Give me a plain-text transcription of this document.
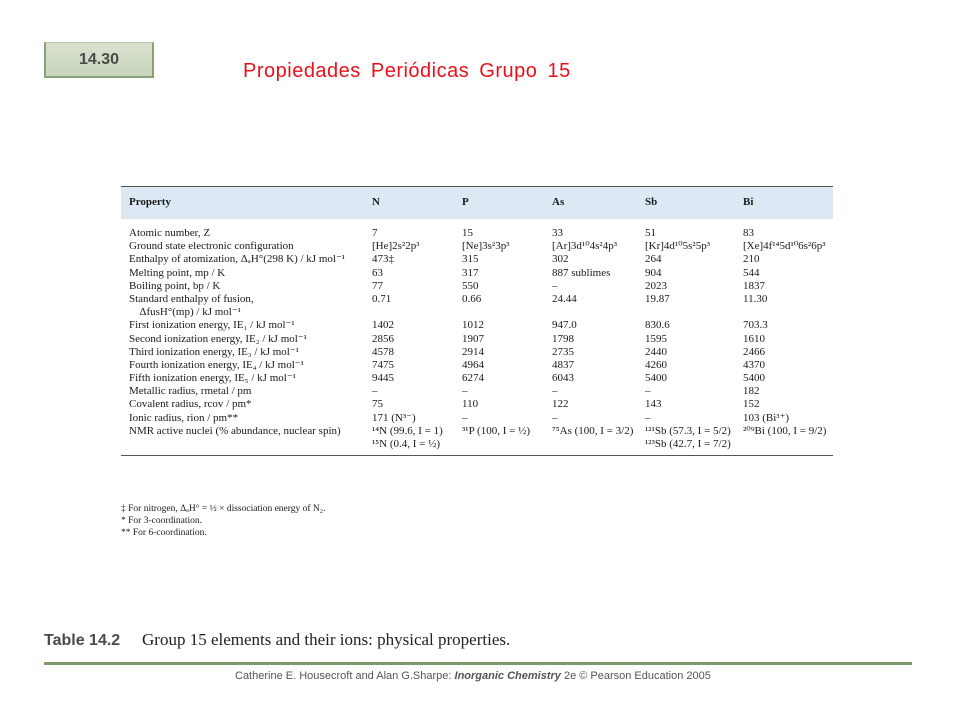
14.30
Propiedades Periódicas Grupo 15
Property	N	P	As	Sb	Bi
Atomic number, Z	7	15	33	51	83
Ground state electronic configuration	[He]2s²2p³	[Ne]3s²3p³	[Ar]3d¹⁰4s²4p³	[Kr]4d¹⁰5s²5p³	[Xe]4f¹⁴5d¹⁰6s²6p³
Enthalpy of atomization, ΔₐH°(298 K) / kJ mol⁻¹	473‡	315	302	264	210
Melting point, mp / K	63	317	887 sublimes	904	544
Boiling point, bp / K	77	550	–	2023	1837
Standard enthalpy of fusion,	0.71	0.66	24.44	19.87	11.30
ΔfusH°(mp) / kJ mol⁻¹					
First ionization energy, IE₁ / kJ mol⁻¹	1402	1012	947.0	830.6	703.3
Second ionization energy, IE₂ / kJ mol⁻¹	2856	1907	1798	1595	1610
Third ionization energy, IE₃ / kJ mol⁻¹	4578	2914	2735	2440	2466
Fourth ionization energy, IE₄ / kJ mol⁻¹	7475	4964	4837	4260	4370
Fifth ionization energy, IE₅ / kJ mol⁻¹	9445	6274	6043	5400	5400
Metallic radius, rmetal / pm	–	–	–	–	182
Covalent radius, rcov / pm*	75	110	122	143	152
Ionic radius, rion / pm**	171 (N³⁻)	–	–	–	103 (Bi³⁺)
NMR active nuclei (% abundance, nuclear spin)	¹⁴N (99.6, I = 1)	³¹P (100, I = ½)	⁷⁵As (100, I = 3/2)	¹²¹Sb (57.3, I = 5/2)	²⁰⁹Bi (100, I = 9/2)
	¹⁵N (0.4, I = ½)			¹²³Sb (42.7, I = 7/2)	
‡ For nitrogen, ΔₐH° = ½ × dissociation energy of N₂.
* For 3-coordination.
** For 6-coordination.
Table 14.2 Group 15 elements and their ions: physical properties.
Catherine E. Housecroft and Alan G.Sharpe: Inorganic Chemistry 2e © Pearson Education 2005
